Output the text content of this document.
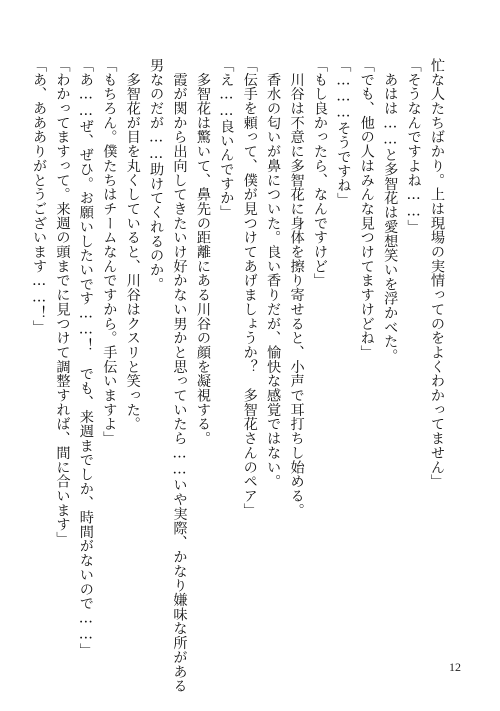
忙な人たちばかり。上は現場の実情ってのをよくわかってません」
「そうなんですよね……」
　あはは……と多智花は愛想笑いを浮かべた。
「でも、他の人はみんな見つけてますけどね」
「………そうですね」
「もし良かったら、なんですけど」
　川谷は不意に多智花に身体を擦り寄せると、小声で耳打ちし始める。
　香水の匂いが鼻についた。良い香りだが、愉快な感覚ではない。
「伝手を頼って、僕が見つけてあげましょうか？　多智花さんのペア」
「え……良いんですか」
　多智花は驚いて、鼻先の距離にある川谷の顔を凝視する。
　霞が関から出向してきたいけ好かない男かと思っていたら……いや実際、かなり嫌味な所がある
男なのだが……助けてくれるのか。
　多智花が目を丸くしていると、川谷はクスリと笑った。
「もちろん。僕たちはチームなんですから。手伝いますよ」
「あ……ぜ、ぜひ。お願いしたいです……！　でも、来週までしか、時間がないので……」
「わかってますって。来週の頭までに見つけて調整すれば、間に合います」
「あ、ああありがとうございます……！」
12
